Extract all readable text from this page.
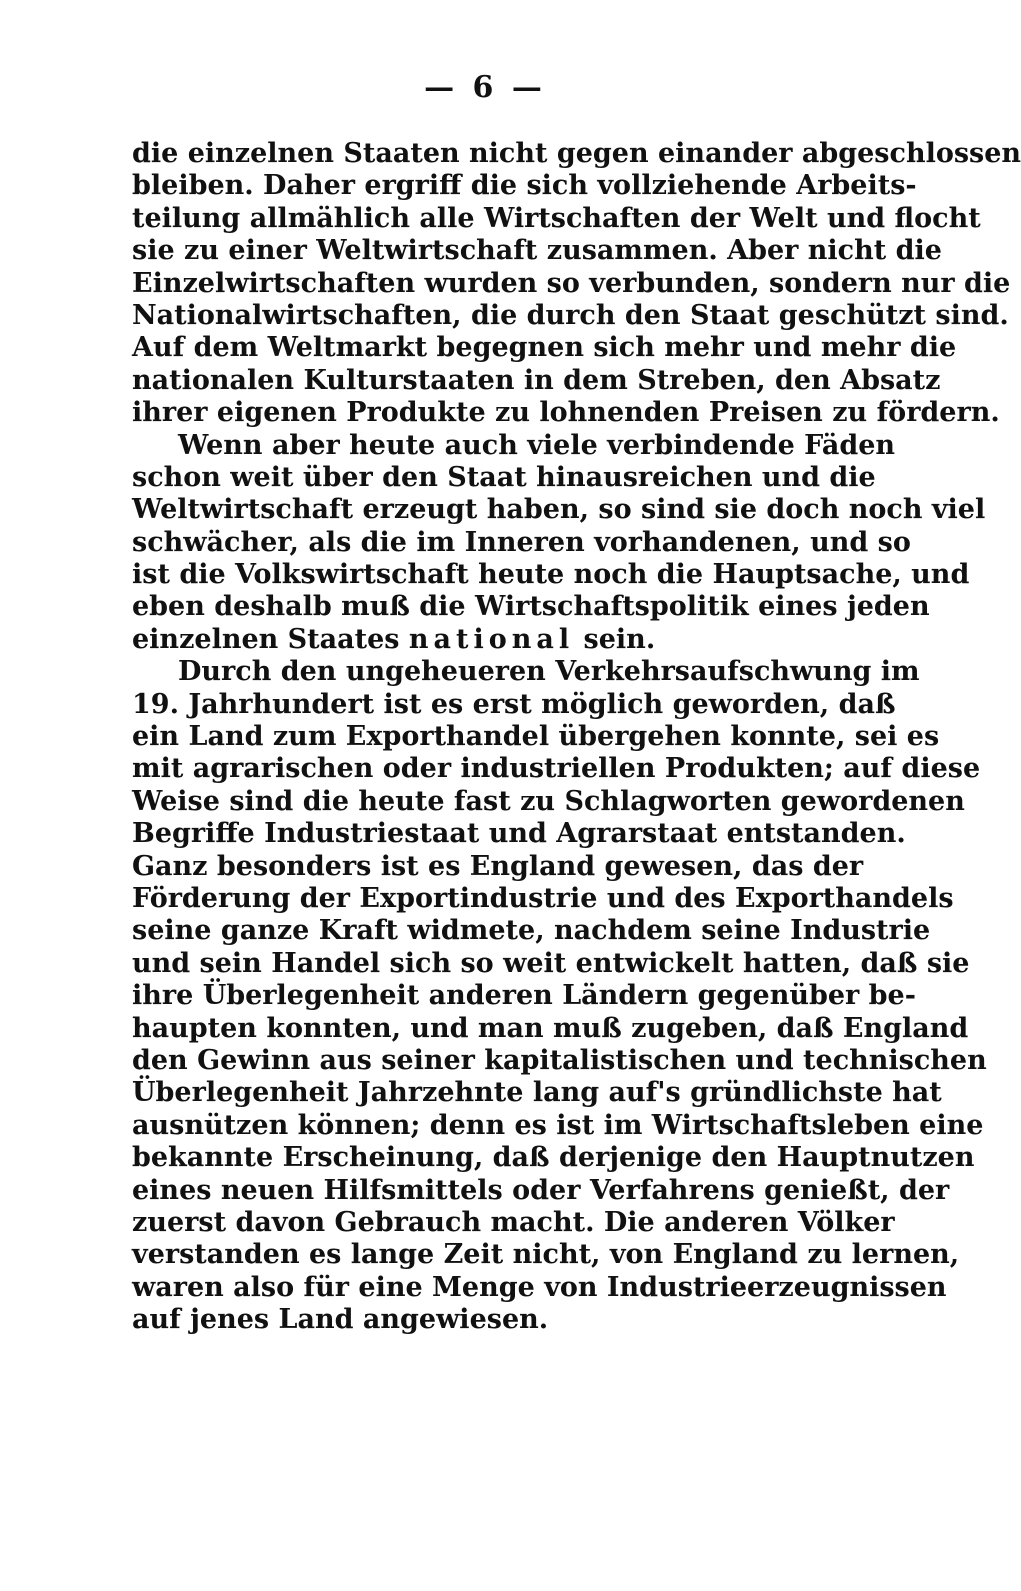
— 6 —
die einzelnen Staaten nicht gegen einander abgeschlossen
bleiben. Daher ergriff die sich vollziehende Arbeits-
teilung allmählich alle Wirtschaften der Welt und flocht
sie zu einer Weltwirtschaft zusammen. Aber nicht die
Einzelwirtschaften wurden so verbunden, sondern nur die
Nationalwirtschaften, die durch den Staat geschützt sind.
Auf dem Weltmarkt begegnen sich mehr und mehr die
nationalen Kulturstaaten in dem Streben, den Absatz
ihrer eigenen Produkte zu lohnenden Preisen zu fördern.
Wenn aber heute auch viele verbindende Fäden
schon weit über den Staat hinausreichen und die
Weltwirtschaft erzeugt haben, so sind sie doch noch viel
schwächer, als die im Inneren vorhandenen, und so
ist die Volkswirtschaft heute noch die Hauptsache, und
eben deshalb muß die Wirtschaftspolitik eines jeden
einzelnen Staates national sein.
Durch den ungeheueren Verkehrsaufschwung im
19. Jahrhundert ist es erst möglich geworden, daß
ein Land zum Exporthandel übergehen konnte, sei es
mit agrarischen oder industriellen Produkten; auf diese
Weise sind die heute fast zu Schlagworten gewordenen
Begriffe Industriestaat und Agrarstaat entstanden.
Ganz besonders ist es England gewesen, das der
Förderung der Exportindustrie und des Exporthandels
seine ganze Kraft widmete, nachdem seine Industrie
und sein Handel sich so weit entwickelt hatten, daß sie
ihre Überlegenheit anderen Ländern gegenüber be-
haupten konnten, und man muß zugeben, daß England
den Gewinn aus seiner kapitalistischen und technischen
Überlegenheit Jahrzehnte lang auf's gründlichste hat
ausnützen können; denn es ist im Wirtschaftsleben eine
bekannte Erscheinung, daß derjenige den Hauptnutzen
eines neuen Hilfsmittels oder Verfahrens genießt, der
zuerst davon Gebrauch macht. Die anderen Völker
verstanden es lange Zeit nicht, von England zu lernen,
waren also für eine Menge von Industrieerzeugnissen
auf jenes Land angewiesen.
